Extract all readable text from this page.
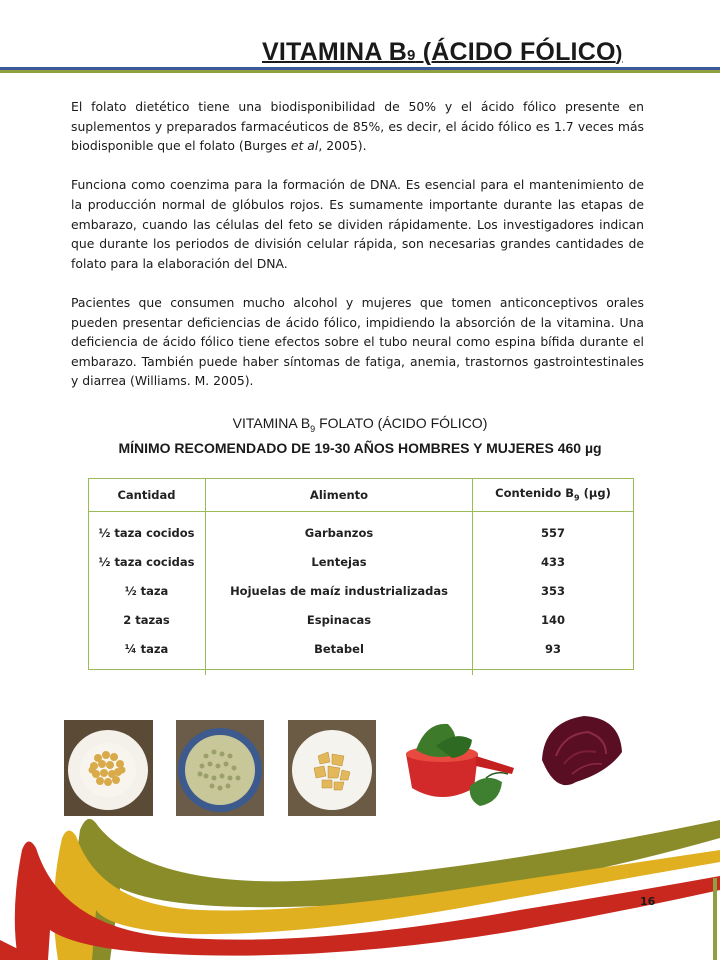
VITAMINA B9 (ÁCIDO FÓLICO)

El folato dietético tiene una biodisponibilidad de 50% y el ácido fólico presente en suplementos y preparados farmacéuticos de 85%, es decir, el ácido fólico es 1.7 veces más biodisponible que el folato (Burges et al, 2005).

Funciona como coenzima para la formación de DNA. Es esencial para el mantenimiento de la producción normal de glóbulos rojos. Es sumamente importante durante las etapas de embarazo, cuando las células del feto se dividen rápidamente. Los investigadores indican que durante los periodos de división celular rápida, son necesarias grandes cantidades de folato para la elaboración del DNA.

Pacientes que consumen mucho alcohol y mujeres que tomen anticonceptivos orales pueden presentar deficiencias de ácido fólico, impidiendo la absorción de la vitamina. Una deficiencia de ácido fólico tiene efectos sobre el tubo neural como espina bífida durante el embarazo. También puede haber síntomas de fatiga, anemia, trastornos gastrointestinales y diarrea (Williams. M. 2005).

VITAMINA $B_9$ FOLATO (ÁCIDO FÓLICO)
MÍNIMO RECOMENDADO DE 19-30 AÑOS HOMBRES Y MUJERES 460 µg
Cantidad	Alimento	Contenido $B_9$ (µg)
½ taza cocidos	Garbanzos	557
½ taza cocidas	Lentejas	433
½ taza	Hojuelas de maíz industrializadas	353
2 tazas	Espinacas	140
¼ taza	Betabel	93
16
